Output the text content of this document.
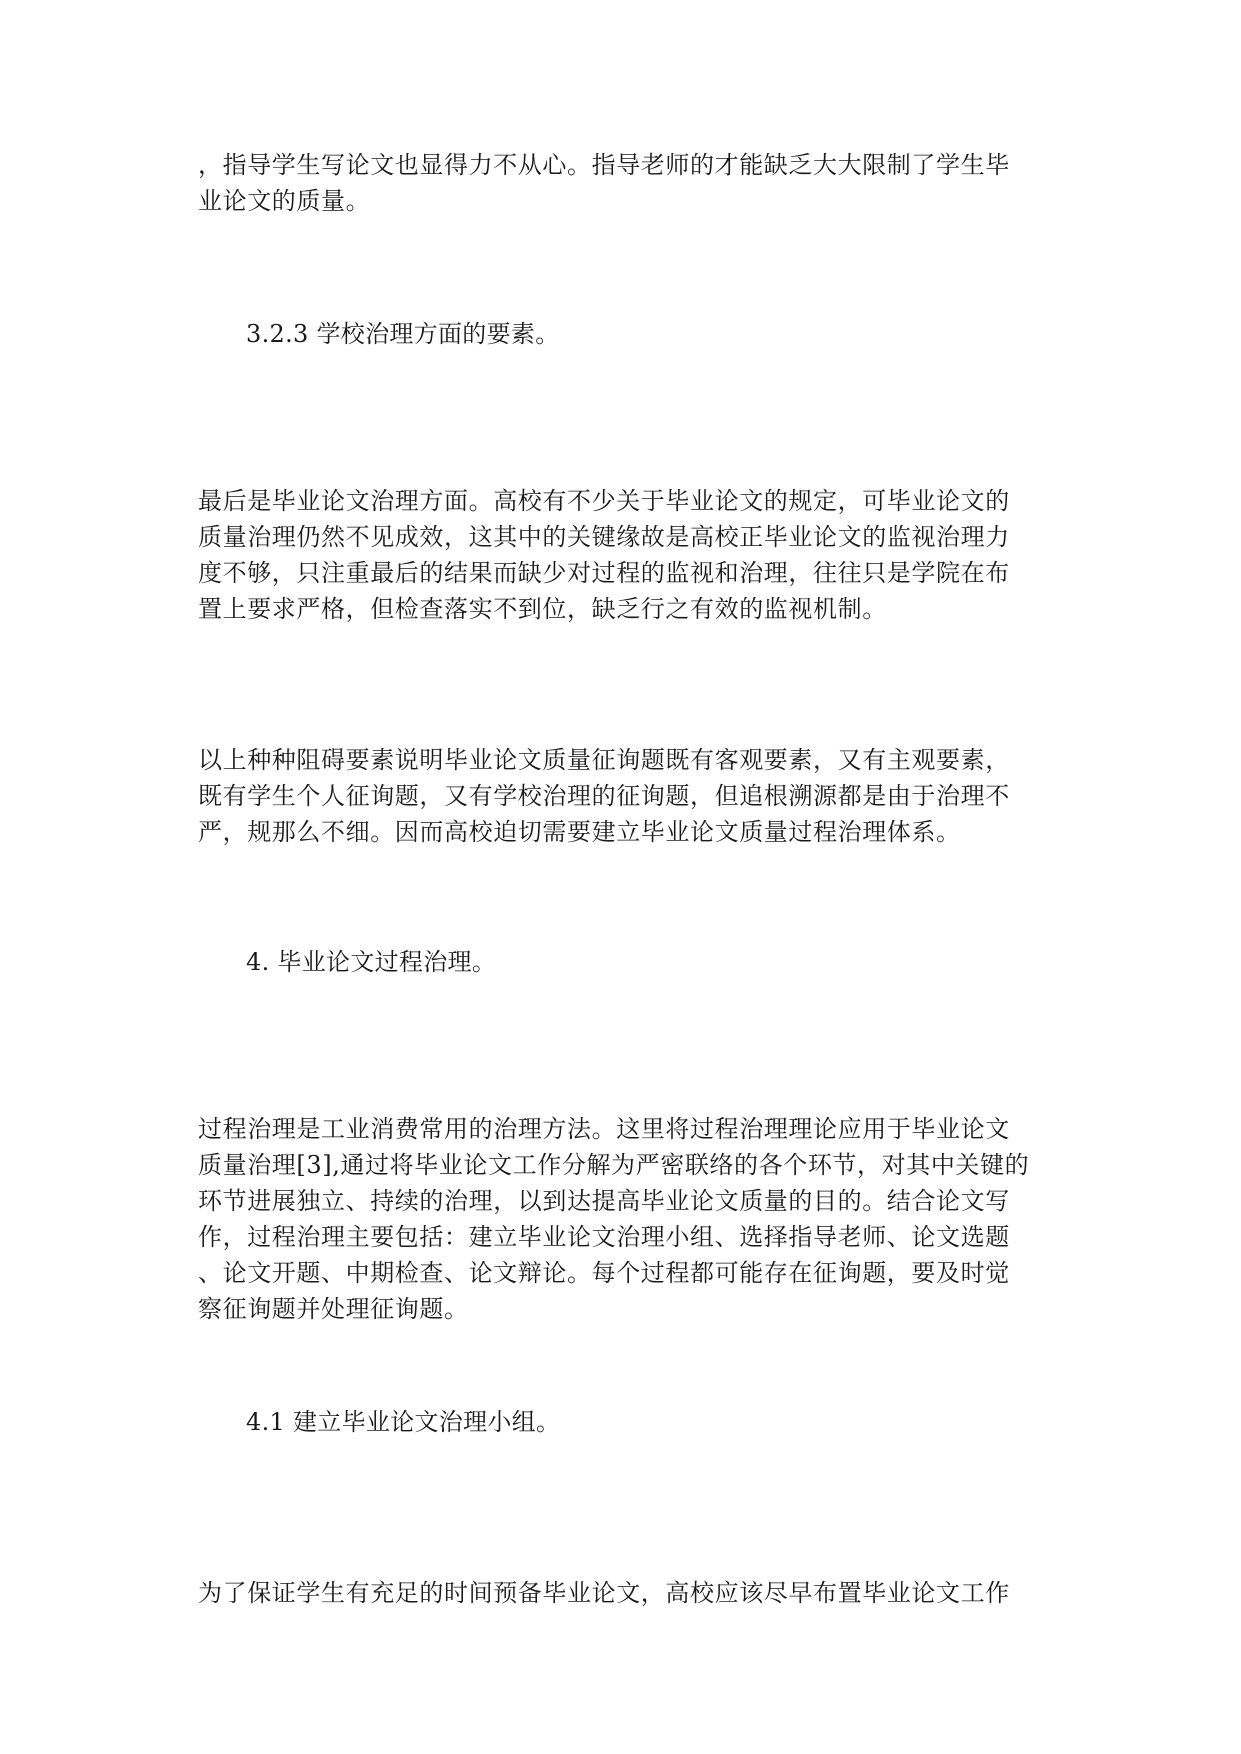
，指导学生写论文也显得力不从心。指导老师的才能缺乏大大限制了学生毕
业论文的质量。

3.2.3 学校治理方面的要素。

最后是毕业论文治理方面。高校有不少关于毕业论文的规定，可毕业论文的
质量治理仍然不见成效，这其中的关键缘故是高校正毕业论文的监视治理力
度不够，只注重最后的结果而缺少对过程的监视和治理，往往只是学院在布
置上要求严格，但检查落实不到位，缺乏行之有效的监视机制。

以上种种阻碍要素说明毕业论文质量征询题既有客观要素，又有主观要素，
既有学生个人征询题，又有学校治理的征询题，但追根溯源都是由于治理不
严，规那么不细。因而高校迫切需要建立毕业论文质量过程治理体系。

4. 毕业论文过程治理。

过程治理是工业消费常用的治理方法。这里将过程治理理论应用于毕业论文
质量治理[3],通过将毕业论文工作分解为严密联络的各个环节，对其中关键的
环节进展独立、持续的治理，以到达提高毕业论文质量的目的。结合论文写
作，过程治理主要包括：建立毕业论文治理小组、选择指导老师、论文选题
、论文开题、中期检查、论文辩论。每个过程都可能存在征询题，要及时觉
察征询题并处理征询题。

4.1 建立毕业论文治理小组。

为了保证学生有充足的时间预备毕业论文，高校应该尽早布置毕业论文工作
